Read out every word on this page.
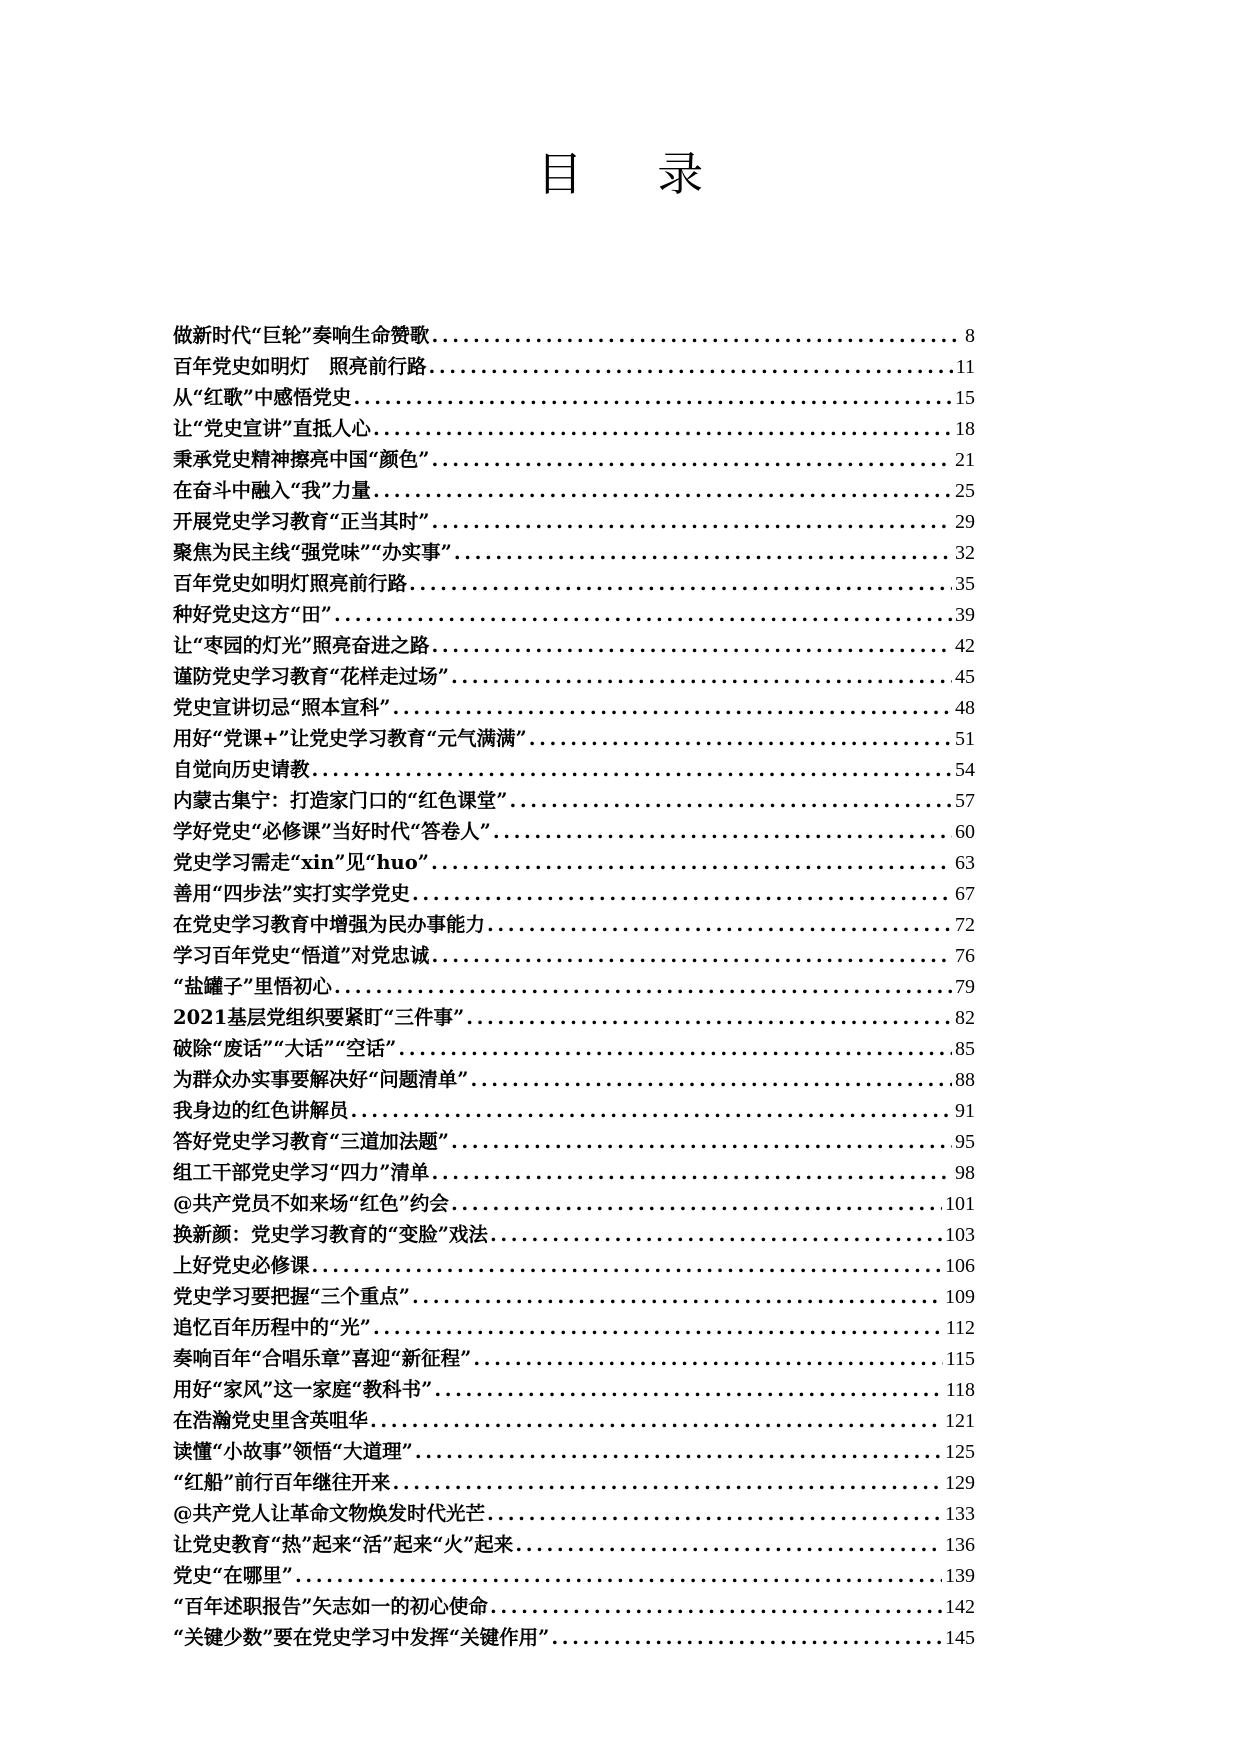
目 录
做新时代“巨轮”奏响生命赞歌 .....	8
百年党史如明灯　照亮前行路 .....	11
从“红歌”中感悟党史 .....	15
让“党史宣讲”直抵人心 .....	18
秉承党史精神擦亮中国“颜色” .....	21
在奋斗中融入“我”力量 .....	25
开展党史学习教育“正当其时” .....	29
聚焦为民主线“强党味”“办实事” .....	32
百年党史如明灯照亮前行路 .....	35
种好党史这方“田” .....	39
让“枣园的灯光”照亮奋进之路 .....	42
谨防党史学习教育“花样走过场” .....	45
党史宣讲切忌“照本宣科” .....	48
用好“党课+”让党史学习教育“元气满满” .....	51
自觉向历史请教 .....	54
内蒙古集宁：打造家门口的“红色课堂” .....	57
学好党史“必修课”当好时代“答卷人” .....	60
党史学习需走“xin”见“huo” .....	63
善用“四步法”实打实学党史 .....	67
在党史学习教育中增强为民办事能力 .....	72
学习百年党史“悟道”对党忠诚 .....	76
“盐罐子”里悟初心 .....	79
2021基层党组织要紧盯“三件事” .....	82
破除“废话”“大话”“空话” .....	85
为群众办实事要解决好“问题清单” .....	88
我身边的红色讲解员 .....	91
答好党史学习教育“三道加法题” .....	95
组工干部党史学习“四力”清单 .....	98
@共产党员不如来场“红色”约会 .....	101
换新颜：党史学习教育的“变脸”戏法 .....	103
上好党史必修课 .....	106
党史学习要把握“三个重点” .....	109
追忆百年历程中的“光” .....	112
奏响百年“合唱乐章”喜迎“新征程” .....	115
用好“家风”这一家庭“教科书” .....	118
在浩瀚党史里含英咀华 .....	121
读懂“小故事”领悟“大道理” .....	125
“红船”前行百年继往开来 .....	129
@共产党人让革命文物焕发时代光芒 .....	133
让党史教育“热”起来“活”起来“火”起来 .....	136
党史“在哪里” .....	139
“百年述职报告”矢志如一的初心使命 .....	142
“关键少数”要在党史学习中发挥“关键作用” .....	145
